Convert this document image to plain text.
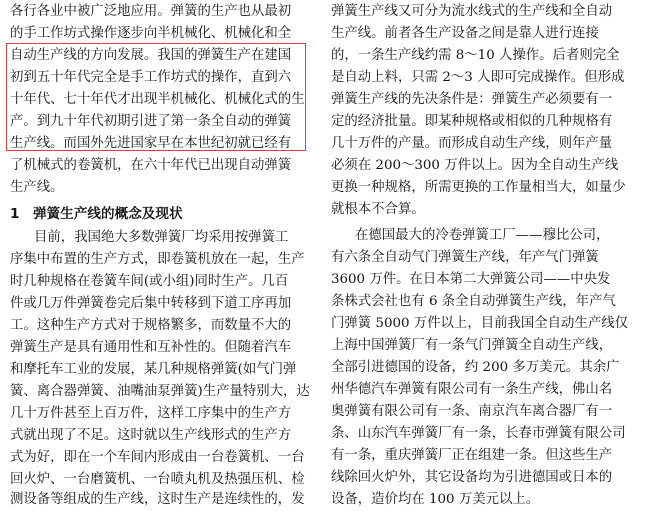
各行各业中被广泛地应用。弹簧的生产也从最初
的手工作坊式操作逐步向半机械化、机械化和全
自动生产线的方向发展。我国的弹簧生产在建国
初到五十年代完全是手工作坊式的操作，直到六
十年代、七十年代才出现半机械化、机械化式的生
产。到九十年代初期引进了第一条全自动的弹簧
生产线。而国外先进国家早在本世纪初就已经有
了机械式的卷簧机，在六十年代已出现自动弹簧
生产线。
1　弹簧生产线的概念及现状
目前，我国绝大多数弹簧厂均采用按弹簧工
序集中布置的生产方式，即卷簧机放在一起，生产
时几种规格在卷簧车间(或小组)同时生产。几百
件或几万件弹簧卷完后集中转移到下道工序再加
工。这种生产方式对于规格繁多，而数量不大的
弹簧生产是具有通用性和互补性的。但随着汽车
和摩托车工业的发展，某几种规格弹簧(如气门弹
簧、离合器弹簧、油嘴油泵弹簧)生产量特别大，达
几十万件甚至上百万件，这样工序集中的生产方
式就出现了不足。这时就以生产线形式的生产方
式为好，即在一个车间内形成由一台卷簧机、一台
回火炉、一台磨簧机、一台喷丸机及热强压机、检
测设备等组成的生产线，这时生产是连续性的，发
弹簧生产线又可分为流水线式的生产线和全自动
生产线。前者各生产设备之间是靠人进行连接
的，一条生产线约需 8～10 人操作。后者则完全
是自动上料，只需 2～3 人即可完成操作。但形成
弹簧生产线的先决条件是：弹簧生产必须要有一
定的经济批量。即某种规格或相似的几种规格有
几十万件的产量。而形成自动生产线，则年产量
必须在 200～300 万件以上。因为全自动生产线
更换一种规格，所需更换的工作量相当大，如量少
就根本不合算。
在德国最大的冷卷弹簧工厂——穆比公司，
有六条全自动气门弹簧生产线，年产气门弹簧
3600 万件。在日本第二大弹簧公司——中央发
条株式会社也有 6 条全自动弹簧生产线，年产气
门弹簧 5000 万件以上，目前我国全自动生产线仅
上海中国弹簧厂有一条气门弹簧全自动生产线，
全部引进德国的设备，约 200 多万美元。其余广
州华德汽车弹簧有限公司有一条生产线，佛山名
奥弹簧有限公司有一条、南京汽车离合器厂有一
条、山东汽车弹簧厂有一条，长春市弹簧有限公司
有一条，重庆弹簧厂正在组建一条。但这些生产
线除回火炉外，其它设备均为引进德国或日本的
设备，造价均在 100 万美元以上。
